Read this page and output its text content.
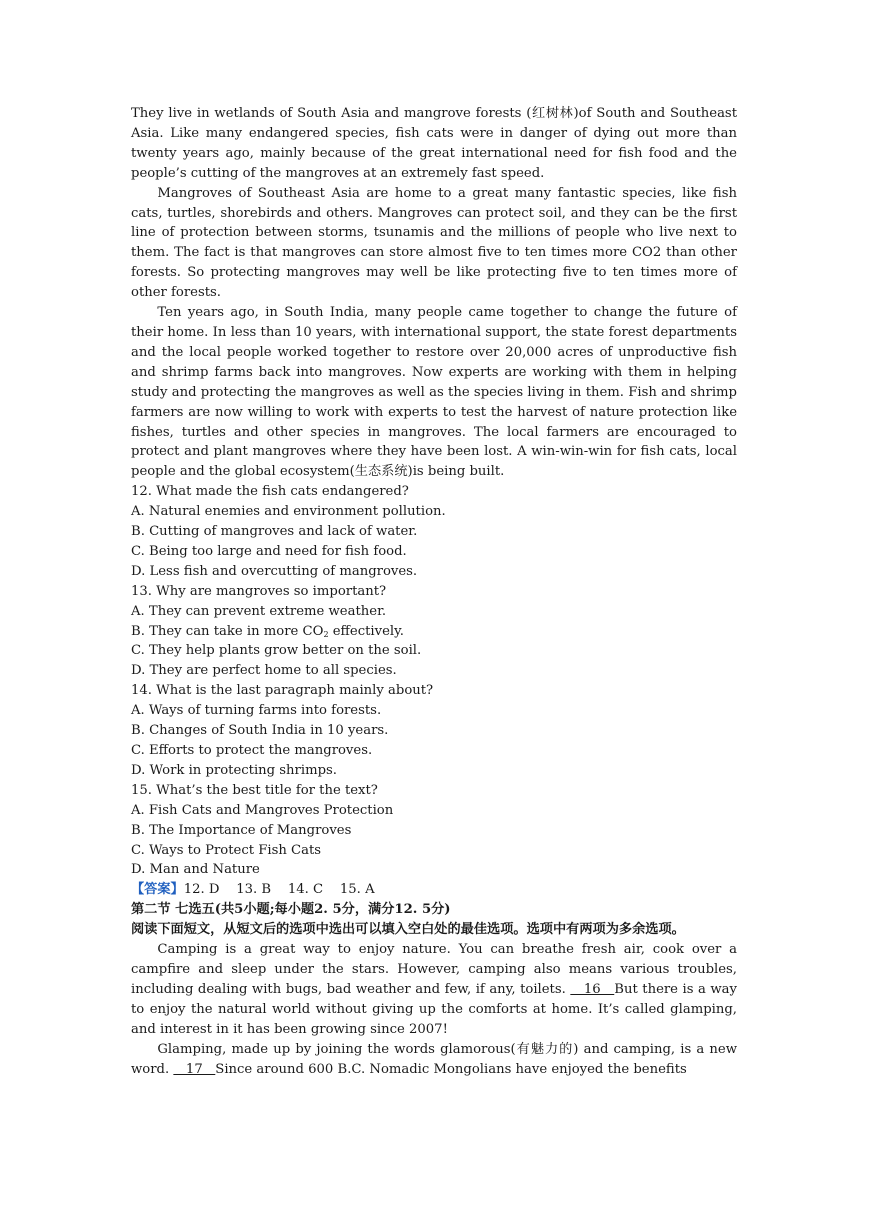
They live in wetlands of South Asia and mangrove forests (红树林)of South and Southeast Asia. Like many endangered species, fish cats were in danger of dying out more than twenty years ago, mainly because of the great international need for fish food and the people’s cutting of the mangroves at an extremely fast speed.

Mangroves of Southeast Asia are home to a great many fantastic species, like fish cats, turtles, shorebirds and others. Mangroves can protect soil, and they can be the first line of protection between storms, tsunamis and the millions of people who live next to them. The fact is that mangroves can store almost five to ten times more CO2 than other forests. So protecting mangroves may well be like protecting five to ten times more of other forests.

Ten years ago, in South India, many people came together to change the future of their home. In less than 10 years, with international support, the state forest departments and the local people worked together to restore over 20,000 acres of unproductive fish and shrimp farms back into mangroves. Now experts are working with them in helping study and protecting the mangroves as well as the species living in them. Fish and shrimp farmers are now willing to work with experts to test the harvest of nature protection like fishes, turtles and other species in mangroves. The local farmers are encouraged to protect and plant mangroves where they have been lost. A win-win-win for fish cats, local people and the global ecosystem(生态系统)is being built.

12. What made the fish cats endangered?

A. Natural enemies and environment pollution.

B. Cutting of mangroves and lack of water.

C. Being too large and need for fish food.

D. Less fish and overcutting of mangroves.

13. Why are mangroves so important?

A. They can prevent extreme weather.

B. They can take in more $CO_2$ effectively.

C. They help plants grow better on the soil.

D. They are perfect home to all species.

14. What is the last paragraph mainly about?

A. Ways of turning farms into forests.

B. Changes of South India in 10 years.

C. Efforts to protect the mangroves.

D. Work in protecting shrimps.

15. What’s the best title for the text?

A. Fish Cats and Mangroves Protection

B. The Importance of Mangroves

C. Ways to Protect Fish Cats

D. Man and Nature

【答案】12. D    13. B    14. C    15. A

第二节 七选五(共5小题;每小题2. 5分，满分12. 5分)

阅读下面短文，从短文后的选项中选出可以填入空白处的最佳选项。选项中有两项为多余选项。

Camping is a great way to enjoy nature. You can breathe fresh air, cook over a campfire and sleep under the stars. However, camping also means various troubles, including dealing with bugs, bad weather and few, if any, toilets.    16   But there is a way to enjoy the natural world without giving up the comforts at home. It’s called glamping, and interest in it has been growing since 2007!

Glamping, made up by joining the words glamorous(有魅力的) and camping, is a new word.    17   Since around 600 B.C. Nomadic Mongolians have enjoyed the benefits
